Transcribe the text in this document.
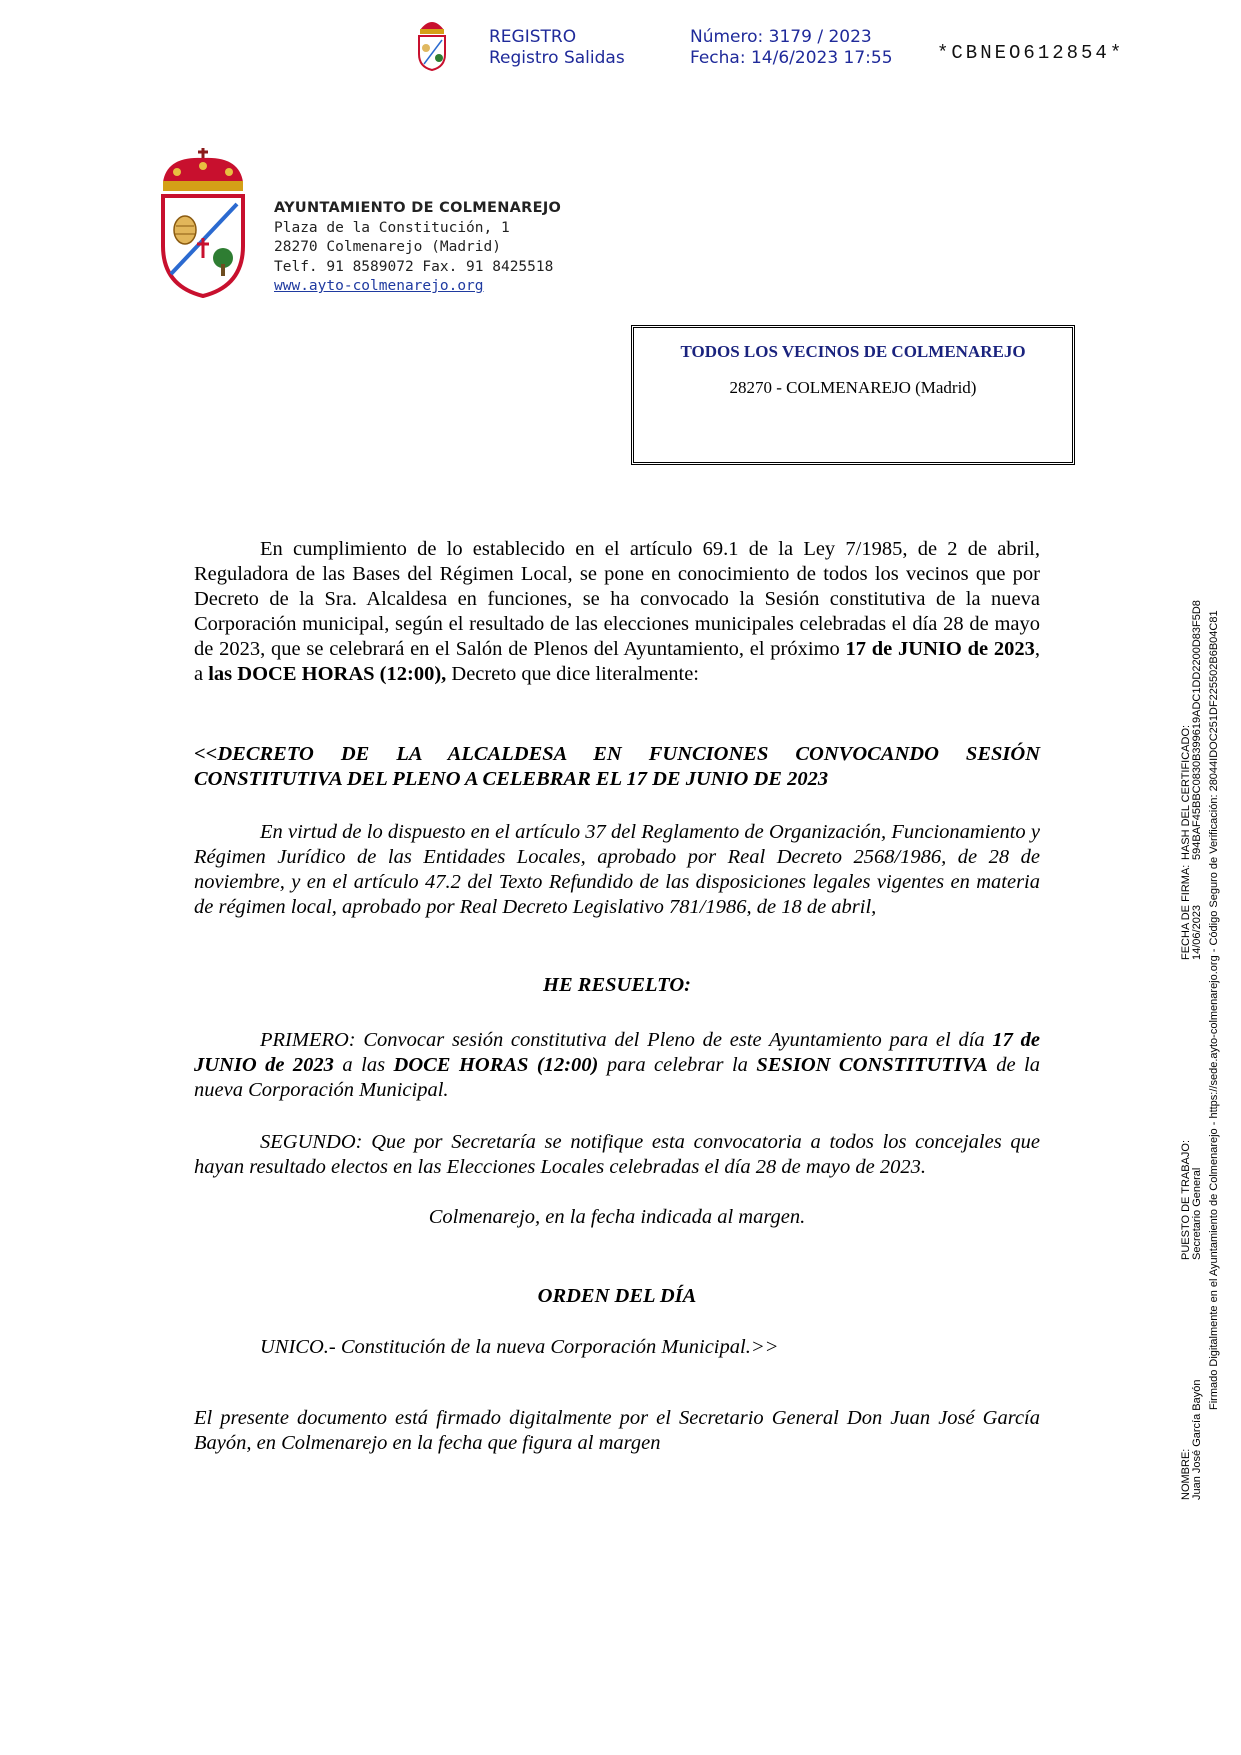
REGISTRO
Registro Salidas
Número: 3179 / 2023
Fecha: 14/6/2023 17:55 *CBNEO612854*
AYUNTAMIENTO DE COLMENAREJO
Plaza de la Constitución, 1
28270 Colmenarejo (Madrid)
Telf. 91 8589072 Fax. 91 8425518
www.ayto-colmenarejo.org
TODOS LOS VECINOS DE COLMENAREJO
28270 - COLMENAREJO (Madrid)
En cumplimiento de lo establecido en el artículo 69.1 de la Ley 7/1985, de 2 de abril, Reguladora de las Bases del Régimen Local, se pone en conocimiento de todos los vecinos que por Decreto de la Sra. Alcaldesa en funciones, se ha convocado la Sesión constitutiva de la nueva Corporación municipal, según el resultado de las elecciones municipales celebradas el día 28 de mayo de 2023, que se celebrará en el Salón de Plenos del Ayuntamiento, el próximo 17 de JUNIO de 2023, a las DOCE HORAS (12:00), Decreto que dice literalmente:
<<DECRETO DE LA ALCALDESA EN FUNCIONES CONVOCANDO SESIÓN CONSTITUTIVA DEL PLENO A CELEBRAR EL 17 DE JUNIO DE 2023
En virtud de lo dispuesto en el artículo 37 del Reglamento de Organización, Funcionamiento y Régimen Jurídico de las Entidades Locales, aprobado por Real Decreto 2568/1986, de 28 de noviembre, y en el artículo 47.2 del Texto Refundido de las disposiciones legales vigentes en materia de régimen local, aprobado por Real Decreto Legislativo 781/1986, de 18 de abril,
HE RESUELTO:
PRIMERO: Convocar sesión constitutiva del Pleno de este Ayuntamiento para el día 17 de JUNIO de 2023 a las DOCE HORAS (12:00) para celebrar la SESION CONSTITUTIVA de la nueva Corporación Municipal.
SEGUNDO: Que por Secretaría se notifique esta convocatoria a todos los concejales que hayan resultado electos en las Elecciones Locales celebradas el día 28 de mayo de 2023.
Colmenarejo, en la fecha indicada al margen.
ORDEN DEL DÍA
UNICO.- Constitución de la nueva Corporación Municipal.>>
El presente documento está firmado digitalmente por el Secretario General Don Juan José García Bayón, en Colmenarejo en la fecha que figura al margen
NOMBRE: Juan José García Bayón
PUESTO DE TRABAJO: Secretario General
FECHA DE FIRMA: 14/06/2023
HASH DEL CERTIFICADO: 594BAF45BBC0830B399619ADC1DD2200D83F5D8 Firmado Digitalmente en el Ayuntamiento de Colmenarejo - https://sede.ayto-colmenarejo.org - Código Seguro de Verificación: 28044IDOC251DF225502B6B04C81
